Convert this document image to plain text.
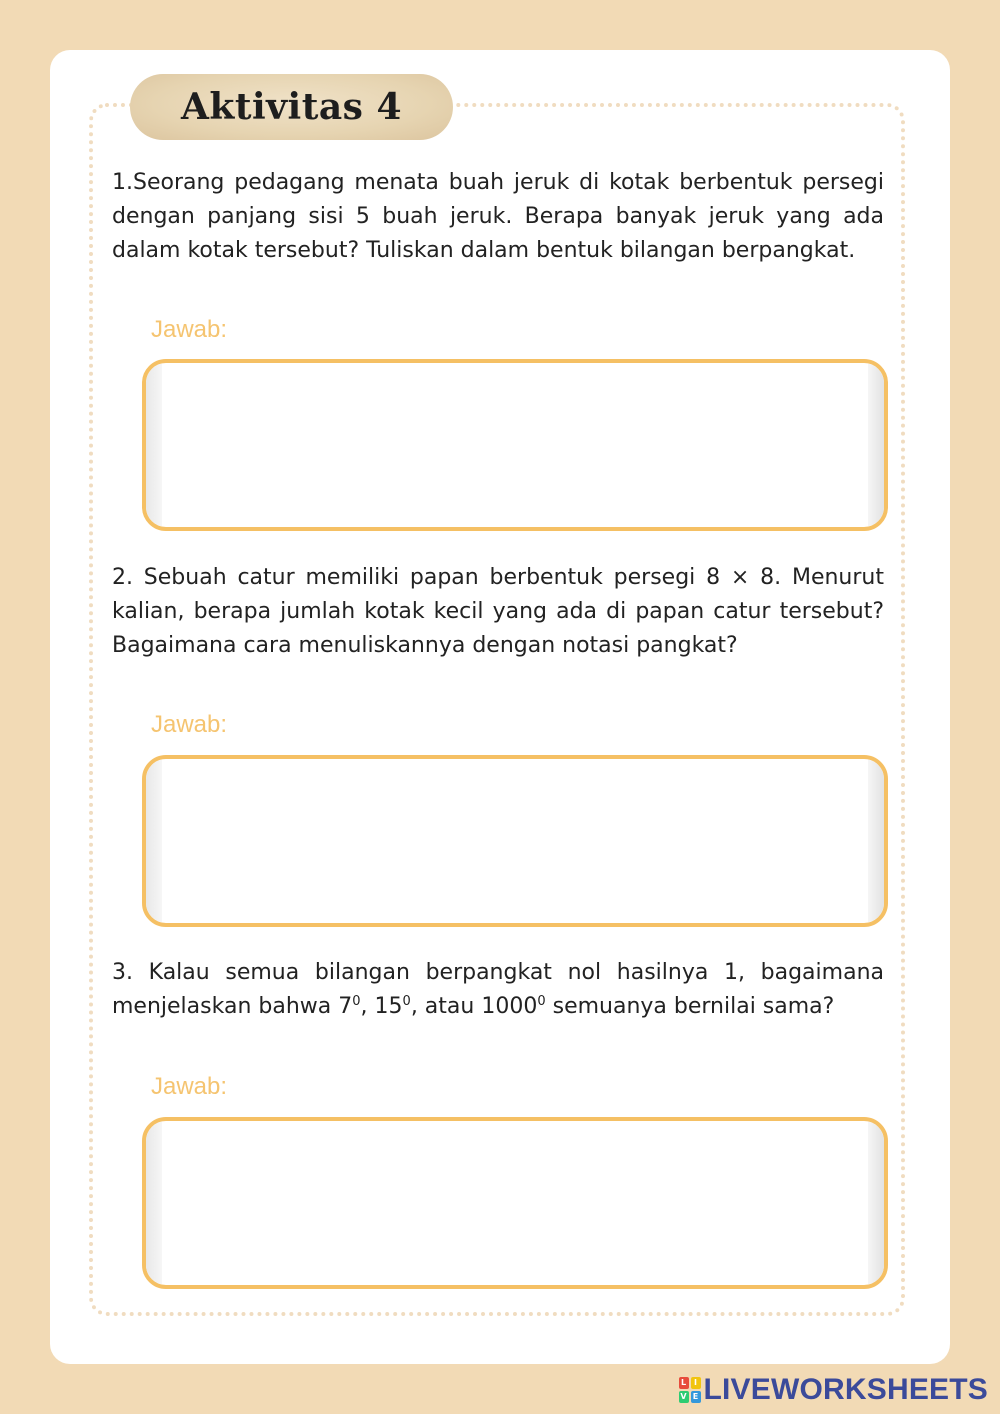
Aktivitas 4

1.Seorang pedagang menata buah jeruk di kotak berbentuk persegi dengan panjang sisi 5 buah jeruk. Berapa banyak jeruk yang ada dalam kotak tersebut? Tuliskan dalam bentuk bilangan berpangkat.

Jawab:

2. Sebuah catur memiliki papan berbentuk persegi 8 × 8. Menurut kalian, berapa jumlah kotak kecil yang ada di papan catur tersebut? Bagaimana cara menuliskannya dengan notasi pangkat?

Jawab:

3. Kalau semua bilangan berpangkat nol hasilnya 1, bagaimana menjelaskan bahwa $7^0$, $15^0$, atau 1000$^0$ semuanya bernilai sama?

Jawab:
L I
V E LIVEWORKSHEETS
